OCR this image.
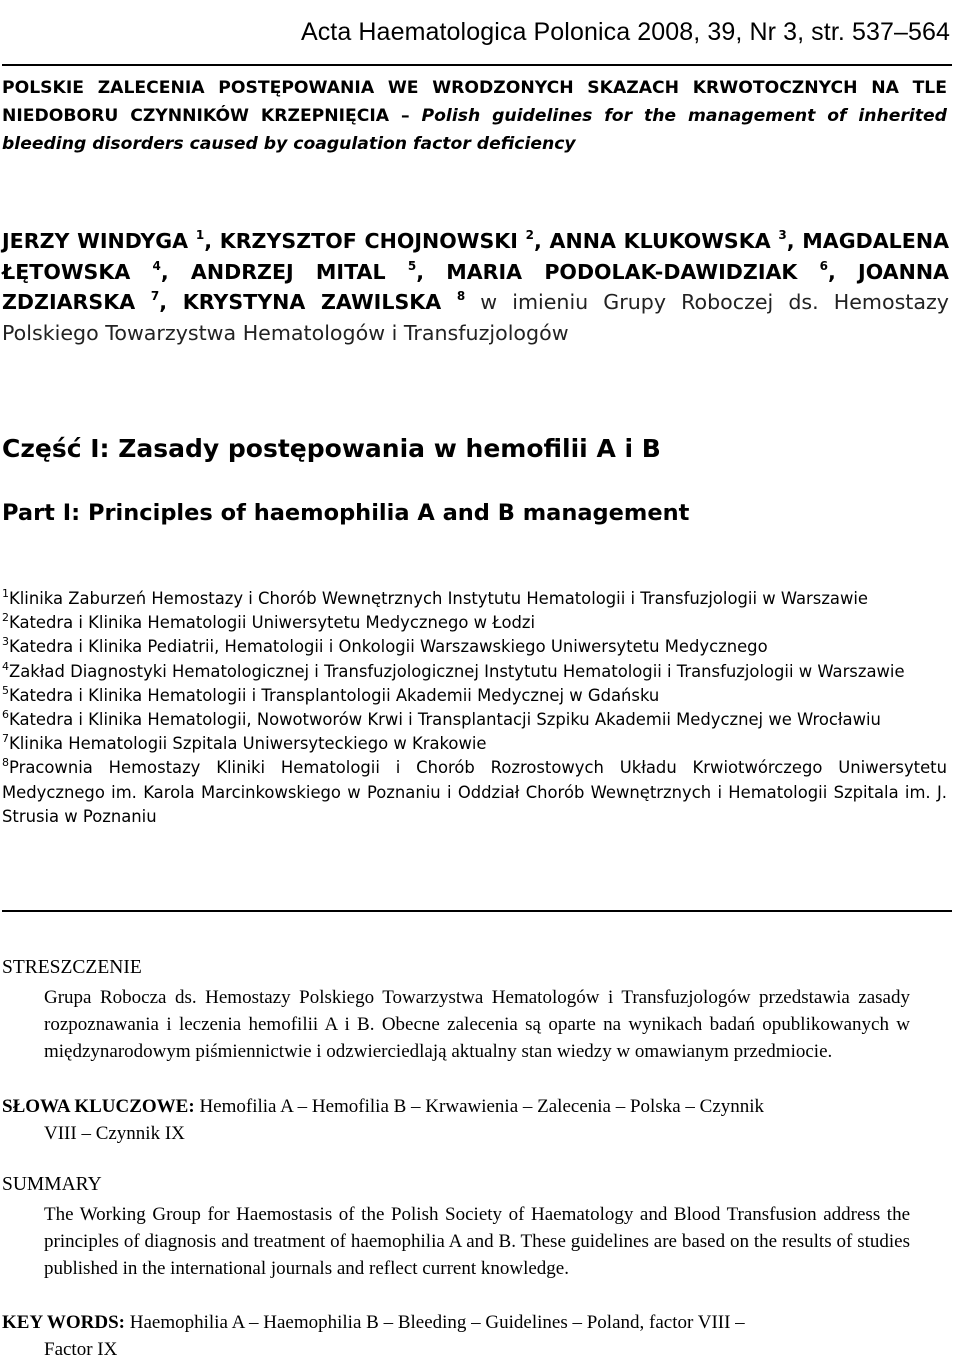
Acta Haematologica Polonica 2008, 39, Nr 3, str. 537–564
POLSKIE ZALECENIA POSTĘPOWANIA WE WRODZONYCH SKAZACH KRWOTOCZNYCH NA TLE NIEDOBORU CZYNNIKÓW KRZEPNIĘCIA – Polish guidelines for the management of inherited bleeding disorders caused by coagulation factor deficiency
JERZY WINDYGA $^1$, KRZYSZTOF CHOJNOWSKI $^2$, ANNA KLUKOWSKA $^3$, MAGDALENA ŁĘTOWSKA $^4$, ANDRZEJ MITAL $^5$, MARIA PODOLAK-DAWIDZIAK $^6$, JOANNA ZDZIARSKA $^7$, KRYSTYNA ZAWILSKA $^8$ w imieniu Grupy Roboczej ds. Hemostazy Polskiego Towarzystwa Hematologów i Transfuzjologów
Część I: Zasady postępowania w hemofilii A i B
Part I: Principles of haemophilia A and B management
$^1$Klinika Zaburzeń Hemostazy i Chorób Wewnętrznych Instytutu Hematologii i Transfuzjologii w Warszawie
$^2$Katedra i Klinika Hematologii Uniwersytetu Medycznego w Łodzi
$^3$Katedra i Klinika Pediatrii, Hematologii i Onkologii Warszawskiego Uniwersytetu Medycznego
$^4$Zakład Diagnostyki Hematologicznej i Transfuzjologicznej Instytutu Hematologii i Transfuzjologii w Warszawie
$^5$Katedra i Klinika Hematologii i Transplantologii Akademii Medycznej w Gdańsku
$^6$Katedra i Klinika Hematologii, Nowotworów Krwi i Transplantacji Szpiku Akademii Medycznej we Wrocławiu
$^7$Klinika Hematologii Szpitala Uniwersyteckiego w Krakowie
$^8$Pracownia Hemostazy Kliniki Hematologii i Chorób Rozrostowych Układu Krwiotwórczego Uniwersytetu Medycznego im. Karola Marcinkowskiego w Poznaniu i Oddział Chorób Wewnętrznych i Hematologii Szpitala im. J. Strusia w Poznaniu
STRESZCZENIE
Grupa Robocza ds. Hemostazy Polskiego Towarzystwa Hematologów i Transfuzjologów przedstawia zasady rozpoznawania i leczenia hemofilii A i B. Obecne zalecenia są oparte na wynikach badań opublikowanych w międzynarodowym piśmiennictwie i odzwierciedlają aktualny stan wiedzy w omawianym przedmiocie.
SŁOWA KLUCZOWE: Hemofilia A – Hemofilia B – Krwawienia – Zalecenia – Polska – Czynnik
VIII – Czynnik IX
SUMMARY
The Working Group for Haemostasis of the Polish Society of Haematology and Blood Transfusion address the principles of diagnosis and treatment of haemophilia A and B. These guidelines are based on the results of studies published in the international journals and reflect current knowledge.
KEY WORDS: Haemophilia A – Haemophilia B – Bleeding – Guidelines – Poland, factor VIII –
Factor IX
